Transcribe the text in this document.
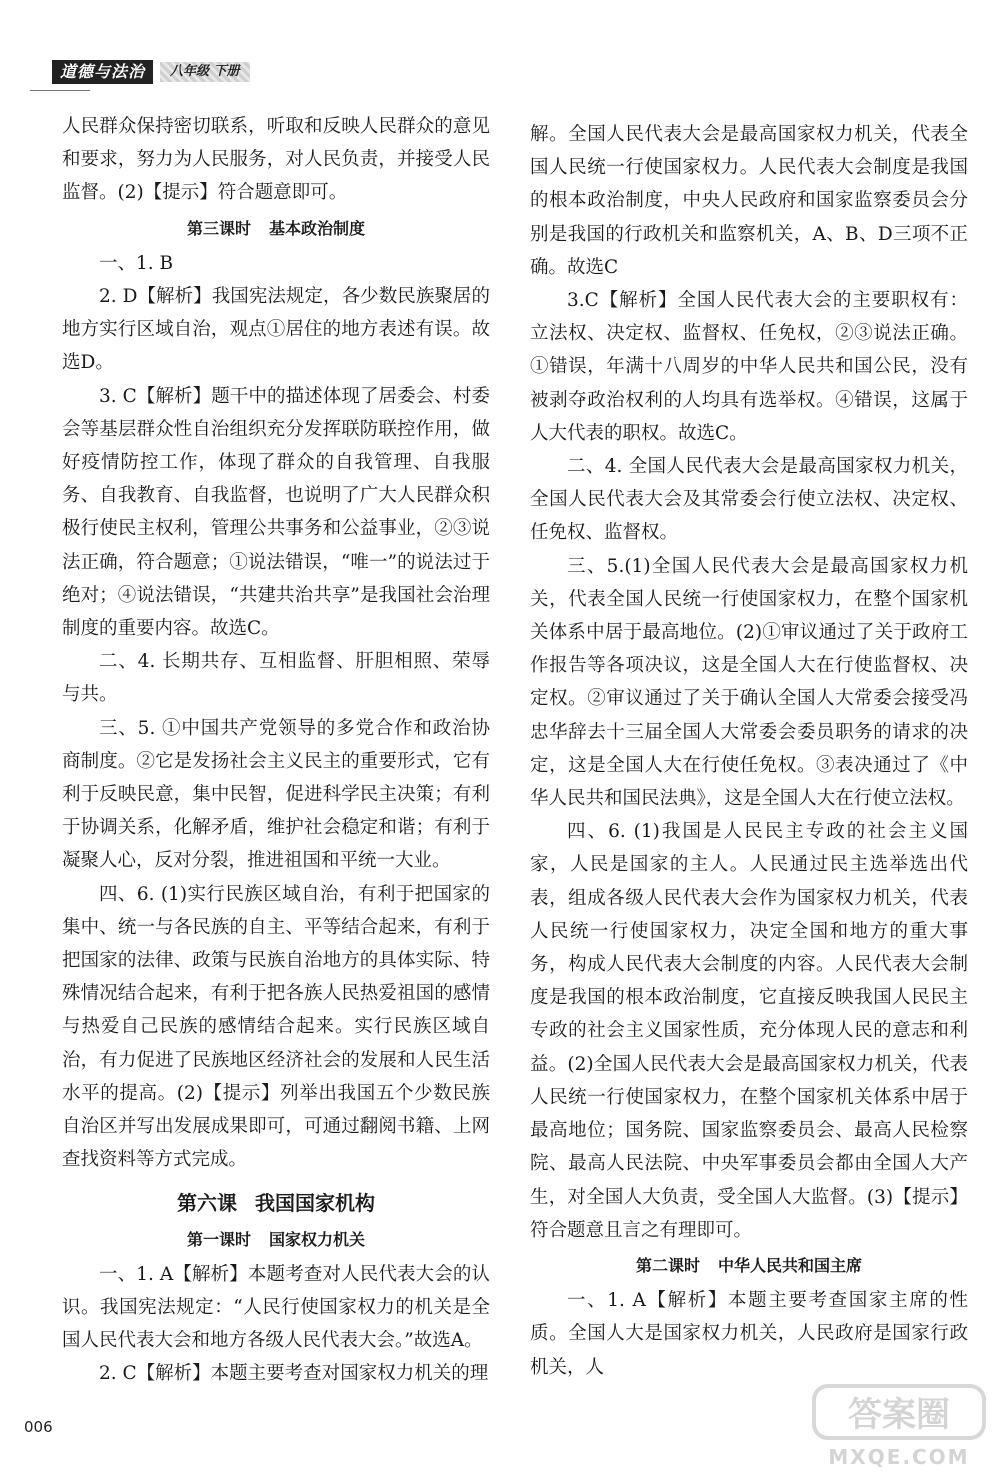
道德与法治	八年级 下册

人民群众保持密切联系，听取和反映人民群众的意见和要求，努力为人民服务，对人民负责，并接受人民监督。(2)【提示】符合题意即可。

第三课时 基本政治制度

一、1. B

2. D【解析】我国宪法规定，各少数民族聚居的地方实行区域自治，观点①居住的地方表述有误。故选D。

3. C【解析】题干中的描述体现了居委会、村委会等基层群众性自治组织充分发挥联防联控作用，做好疫情防控工作，体现了群众的自我管理、自我服务、自我教育、自我监督，也说明了广大人民群众积极行使民主权利，管理公共事务和公益事业，②③说法正确，符合题意；①说法错误，“唯一”的说法过于绝对；④说法错误，“共建共治共享”是我国社会治理制度的重要内容。故选C。

二、4. 长期共存、互相监督、肝胆相照、荣辱与共。

三、5. ①中国共产党领导的多党合作和政治协商制度。②它是发扬社会主义民主的重要形式，它有利于反映民意，集中民智，促进科学民主决策；有利于协调关系，化解矛盾，维护社会稳定和谐；有利于凝聚人心，反对分裂，推进祖国和平统一大业。

四、6. (1)实行民族区域自治，有利于把国家的集中、统一与各民族的自主、平等结合起来，有利于把国家的法律、政策与民族自治地方的具体实际、特殊情况结合起来，有利于把各族人民热爱祖国的感情与热爱自己民族的感情结合起来。实行民族区域自治，有力促进了民族地区经济社会的发展和人民生活水平的提高。(2)【提示】列举出我国五个少数民族自治区并写出发展成果即可，可通过翻阅书籍、上网查找资料等方式完成。

第六课 我国国家机构
第一课时 国家权力机关

一、1. A【解析】本题考查对人民代表大会的认识。我国宪法规定：“人民行使国家权力的机关是全国人民代表大会和地方各级人民代表大会。”故选A。

2. C【解析】本题主要考查对国家权力机关的理

解。全国人民代表大会是最高国家权力机关，代表全国人民统一行使国家权力。人民代表大会制度是我国的根本政治制度，中央人民政府和国家监察委员会分别是我国的行政机关和监察机关，A、B、D三项不正确。故选C

3.C【解析】全国人民代表大会的主要职权有：立法权、决定权、监督权、任免权，②③说法正确。①错误，年满十八周岁的中华人民共和国公民，没有被剥夺政治权利的人均具有选举权。④错误，这属于人大代表的职权。故选C。

二、4. 全国人民代表大会是最高国家权力机关，全国人民代表大会及其常委会行使立法权、决定权、任免权、监督权。

三、5.(1)全国人民代表大会是最高国家权力机关，代表全国人民统一行使国家权力，在整个国家机关体系中居于最高地位。(2)①审议通过了关于政府工作报告等各项决议，这是全国人大在行使监督权、决定权。②审议通过了关于确认全国人大常委会接受冯忠华辞去十三届全国人大常委会委员职务的请求的决定，这是全国人大在行使任免权。③表决通过了《中华人民共和国民法典》，这是全国人大在行使立法权。

四、6. (1)我国是人民民主专政的社会主义国家，人民是国家的主人。人民通过民主选举选出代表，组成各级人民代表大会作为国家权力机关，代表人民统一行使国家权力，决定全国和地方的重大事务，构成人民代表大会制度的内容。人民代表大会制度是我国的根本政治制度，它直接反映我国人民民主专政的社会主义国家性质，充分体现人民的意志和利益。(2)全国人民代表大会是最高国家权力机关，代表人民统一行使国家权力，在整个国家机关体系中居于最高地位；国务院、国家监察委员会、最高人民检察院、最高人民法院、中央军事委员会都由全国人大产生，对全国人大负责，受全国人大监督。(3)【提示】符合题意且言之有理即可。

第二课时 中华人民共和国主席

一、1. A【解析】本题主要考查国家主席的性质。全国人大是国家权力机关，人民政府是国家行政机关，人

006	答案圈
MXQE.COM
